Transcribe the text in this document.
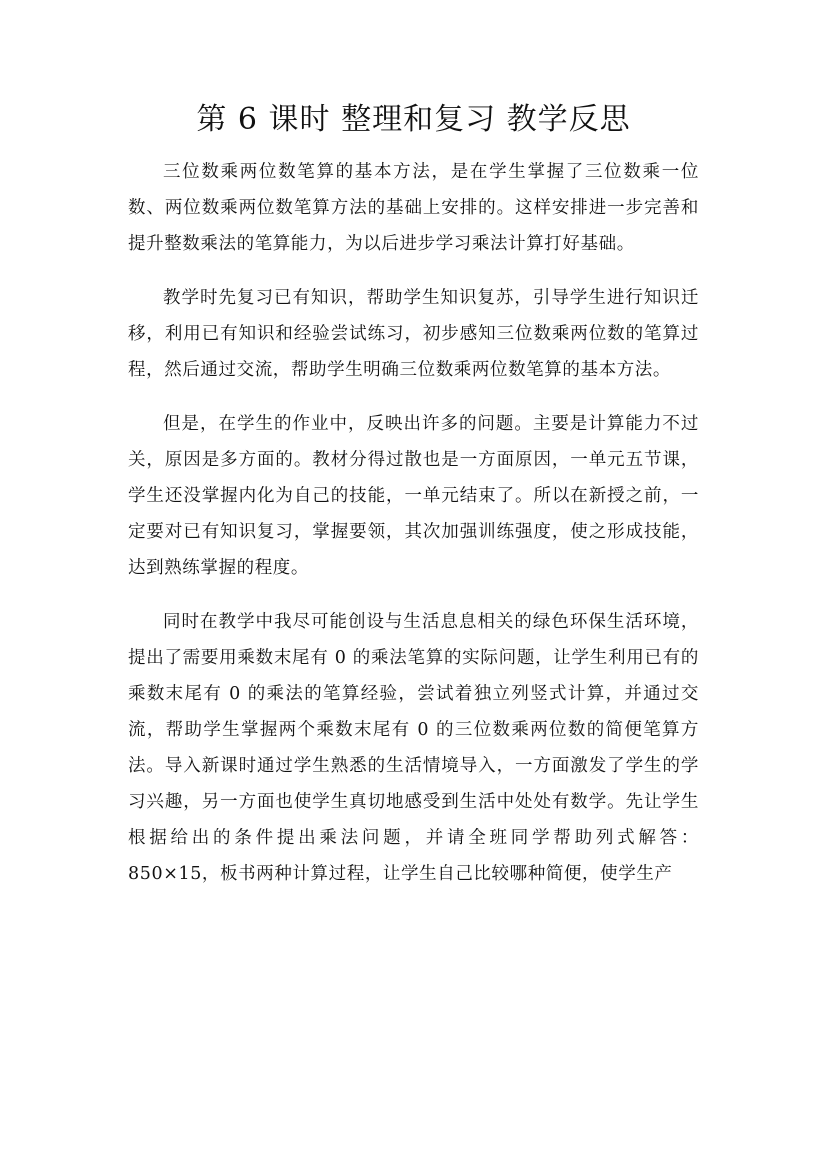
第 6 课时 整理和复习 教学反思

三位数乘两位数笔算的基本方法，是在学生掌握了三位数乘一位数、两位数乘两位数笔算方法的基础上安排的。这样安排进一步完善和提升整数乘法的笔算能力，为以后进步学习乘法计算打好基础。

教学时先复习已有知识，帮助学生知识复苏，引导学生进行知识迁移，利用已有知识和经验尝试练习，初步感知三位数乘两位数的笔算过程，然后通过交流，帮助学生明确三位数乘两位数笔算的基本方法。

但是，在学生的作业中，反映出许多的问题。主要是计算能力不过关，原因是多方面的。教材分得过散也是一方面原因，一单元五节课，学生还没掌握内化为自己的技能，一单元结束了。所以在新授之前，一定要对已有知识复习，掌握要领，其次加强训练强度，使之形成技能，达到熟练掌握的程度。

同时在教学中我尽可能创设与生活息息相关的绿色环保生活环境，提出了需要用乘数末尾有 0 的乘法笔算的实际问题，让学生利用已有的乘数末尾有 0 的乘法的笔算经验，尝试着独立列竖式计算，并通过交流，帮助学生掌握两个乘数末尾有 0 的三位数乘两位数的简便笔算方法。导入新课时通过学生熟悉的生活情境导入，一方面激发了学生的学习兴趣，另一方面也使学生真切地感受到生活中处处有数学。先让学生根据给出的条件提出乘法问题，并请全班同学帮助列式解答：850×15，板书两种计算过程，让学生自己比较哪种简便，使学生产
